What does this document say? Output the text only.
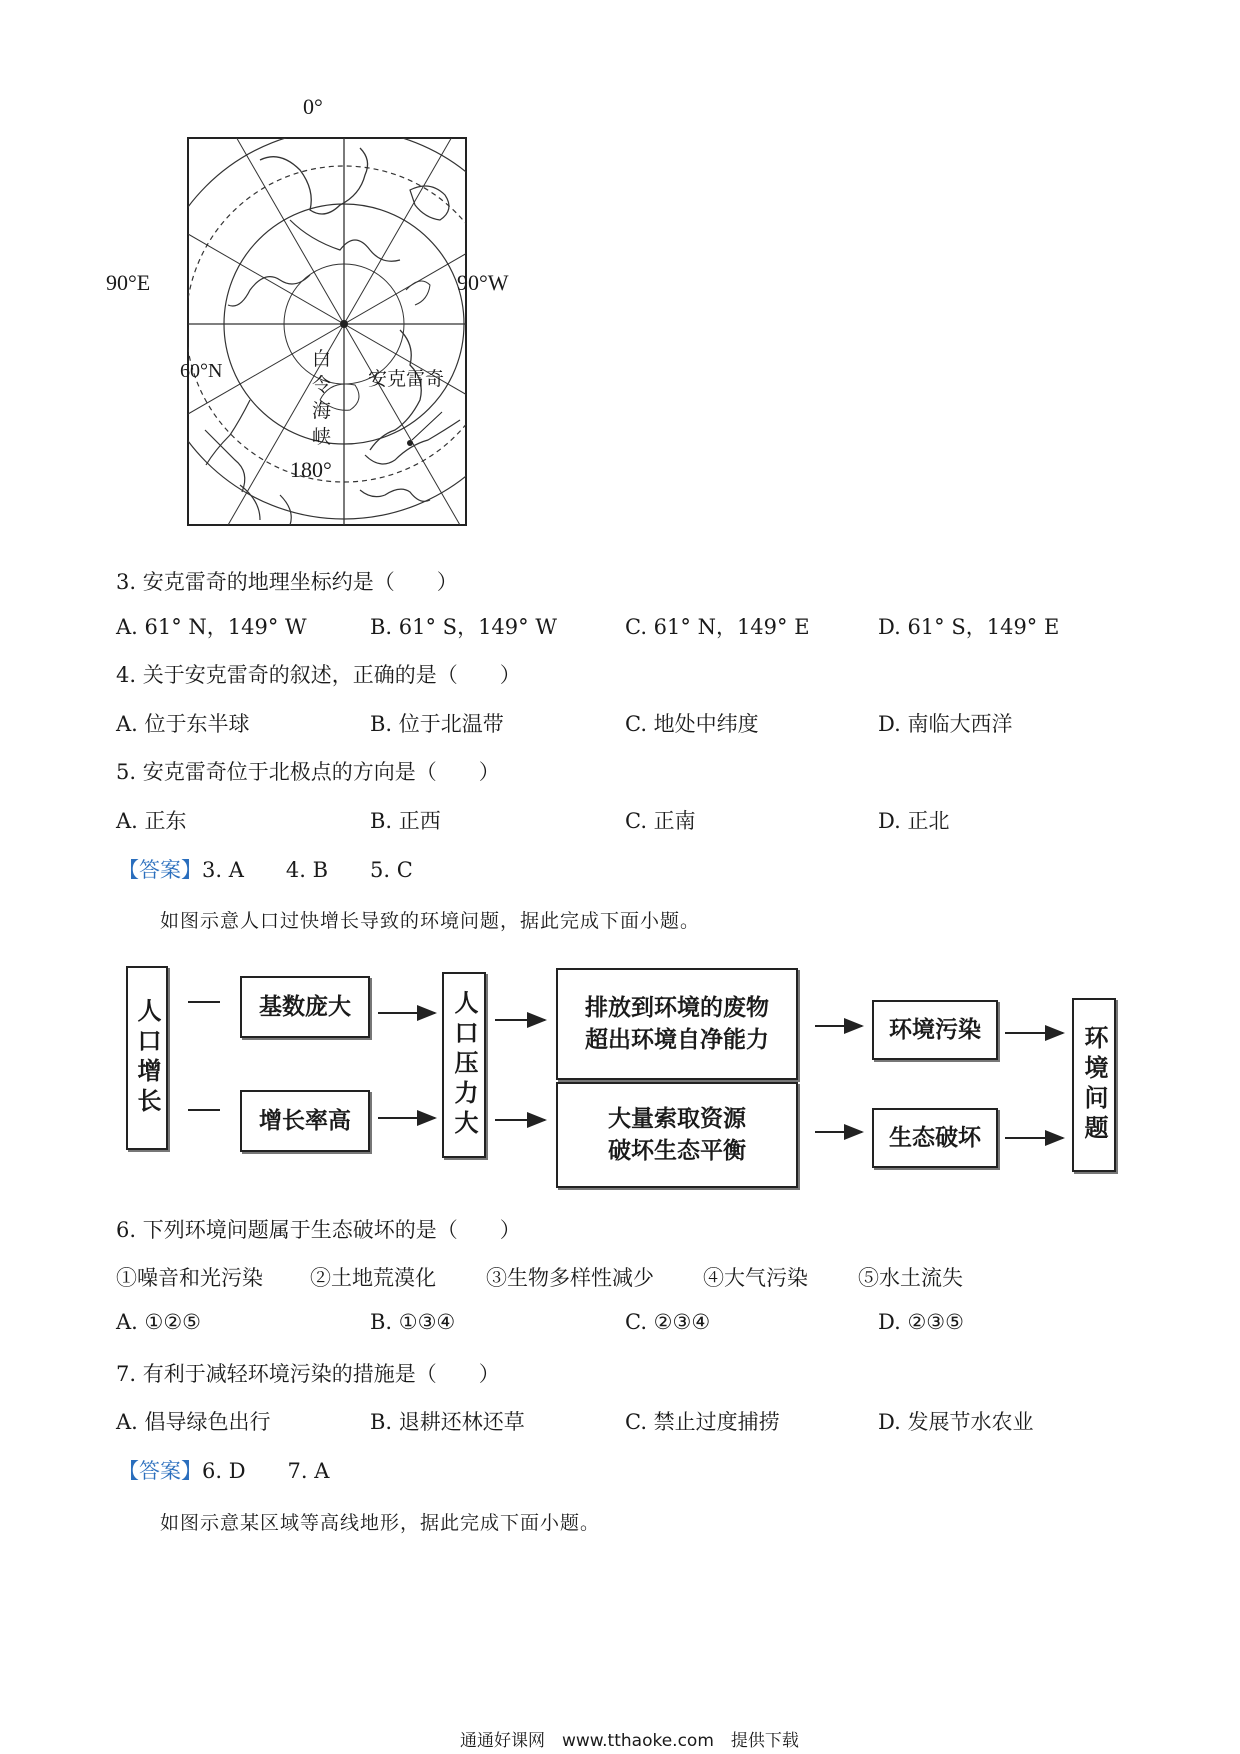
0°
90°E	90°W
180°
60°N
白令海峡
安克雷奇
3. 安克雷奇的地理坐标约是（　　）
A. 61° N，149° W	B. 61° S，149° W	C. 61° N，149° E	D. 61° S，149° E
4. 关于安克雷奇的叙述，正确的是（　　）
A. 位于东半球	B. 位于北温带	C. 地处中纬度	D. 南临大西洋
5. 安克雷奇位于北极点的方向是（　　）
A. 正东	B. 正西	C. 正南	D. 正北
【答案】3. A　　4. B　　5. C
如图示意人口过快增长导致的环境问题，据此完成下面小题。
人口增长	基数庞大
增长率高	人口压力大	排放到环境的废物
超出环境自净能力
大量索取资源
破坏生态平衡
环境污染
生态破坏	环境问题
6. 下列环境问题属于生态破坏的是（　　）
①噪音和光污染 ②土地荒漠化 ③生物多样性减少 ④大气污染 ⑤水土流失
A. ①②⑤	B. ①③④	C. ②③④	D. ②③⑤
7. 有利于减轻环境污染的措施是（　　）
A. 倡导绿色出行	B. 退耕还林还草	C. 禁止过度捕捞	D. 发展节水农业
【答案】6. D　　7. A
如图示意某区域等高线地形，据此完成下面小题。
通通好课网　www.tthaoke.com　提供下载
